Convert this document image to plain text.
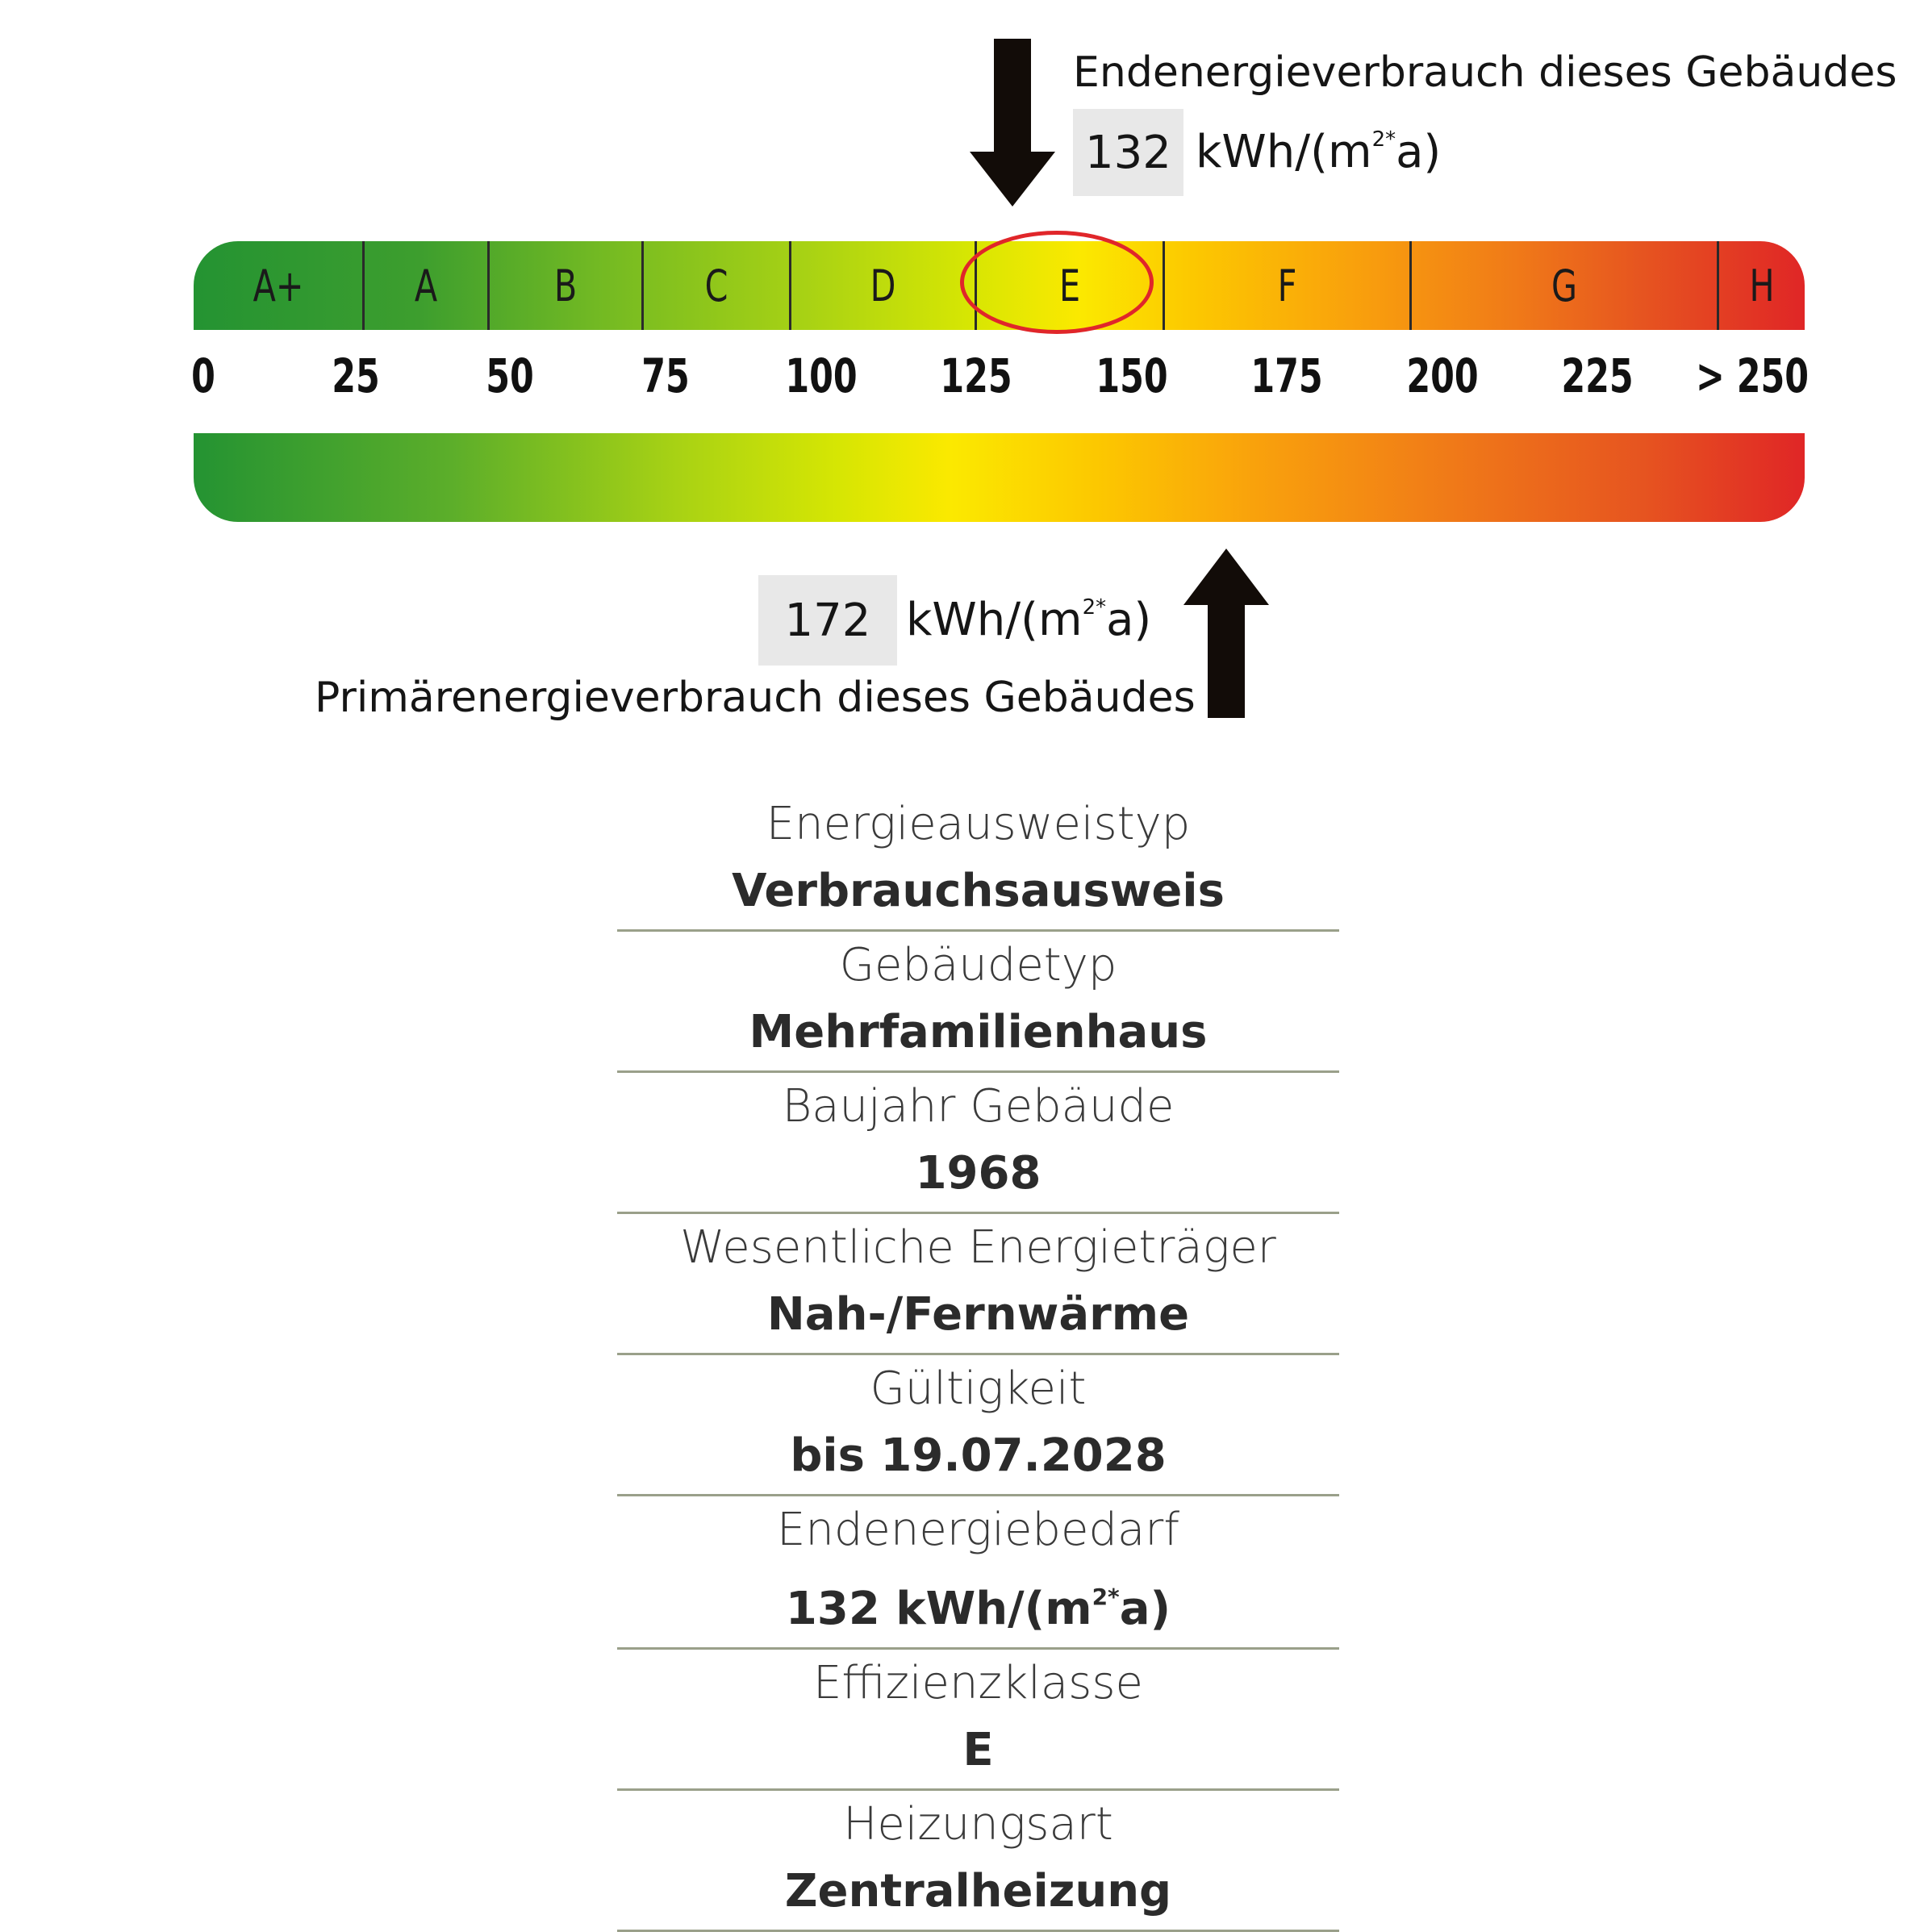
Endenergieverbrauch dieses Gebäudes
132 kWh/$(m^{2*}a)$
A+	A	B	C	D	E	F	G	H
0 25 50 75 100 125 150 175 200 225 > 250
172 kWh/$(m^{2*}a)$
Primärenergieverbrauch dieses Gebäudes
Energieausweistyp
Verbrauchsausweis
Gebäudetyp
Mehrfamilienhaus
Baujahr Gebäude
1968
Wesentliche Energieträger
Nah-/Fernwärme
Gültigkeit
bis 19.07.2028
Endenergiebedarf
132 kWh/$(m^{2*}a)$
Effizienzklasse
E
Heizungsart
Zentralheizung
